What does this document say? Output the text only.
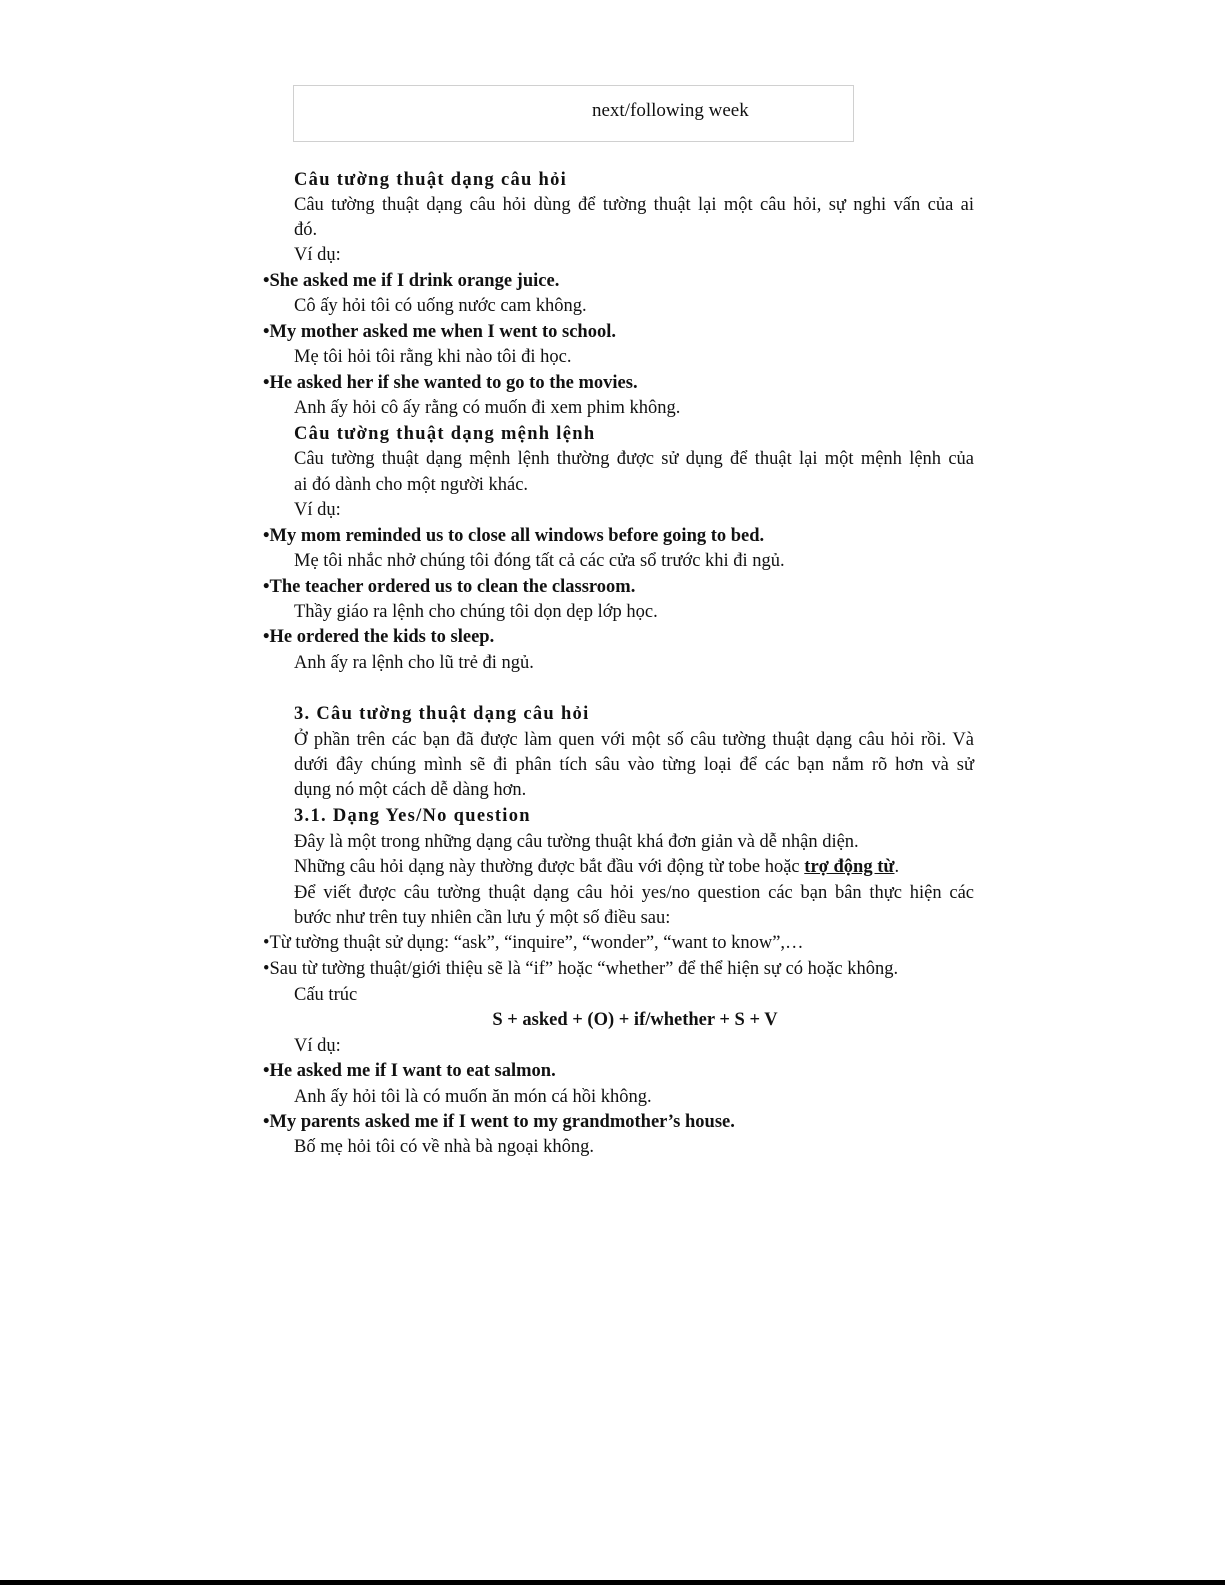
next/following week
Câu tường thuật dạng câu hỏi
Câu tường thuật dạng câu hỏi dùng để tường thuật lại một câu hỏi, sự nghi vấn của ai
đó.
Ví dụ:
•She asked me if I drink orange juice.
Cô ấy hỏi tôi có uống nước cam không.
•My mother asked me when I went to school.
Mẹ tôi hỏi tôi rằng khi nào tôi đi học.
•He asked her if she wanted to go to the movies.
Anh ấy hỏi cô ấy rằng có muốn đi xem phim không.
Câu tường thuật dạng mệnh lệnh
Câu tường thuật dạng mệnh lệnh thường được sử dụng để thuật lại một mệnh lệnh của
ai đó dành cho một người khác.
Ví dụ:
•My mom reminded us to close all windows before going to bed.
Mẹ tôi nhắc nhở chúng tôi đóng tất cả các cửa sổ trước khi đi ngủ.
•The teacher ordered us to clean the classroom.
Thầy giáo ra lệnh cho chúng tôi dọn dẹp lớp học.
•He ordered the kids to sleep.
Anh ấy ra lệnh cho lũ trẻ đi ngủ.
3. Câu tường thuật dạng câu hỏi
Ở phần trên các bạn đã được làm quen với một số câu tường thuật dạng câu hỏi rồi. Và
dưới đây chúng mình sẽ đi phân tích sâu vào từng loại để các bạn nắm rõ hơn và sử
dụng nó một cách dễ dàng hơn.
3.1. Dạng Yes/No question
Đây là một trong những dạng câu tường thuật khá đơn giản và dễ nhận diện.
Những câu hỏi dạng này thường được bắt đầu với động từ tobe hoặc trợ động từ.
Để viết được câu tường thuật dạng câu hỏi yes/no question các bạn bân thực hiện các
bước như trên tuy nhiên cần lưu ý một số điều sau:
•Từ tường thuật sử dụng: “ask”, “inquire”, “wonder”, “want to know”,…
•Sau từ tường thuật/giới thiệu sẽ là “if” hoặc “whether” để thể hiện sự có hoặc không.
Cấu trúc
S + asked + (O) + if/whether + S + V
Ví dụ:
•He asked me if I want to eat salmon.
Anh ấy hỏi tôi là có muốn ăn món cá hồi không.
•My parents asked me if I went to my grandmother’s house.
Bố mẹ hỏi tôi có về nhà bà ngoại không.
